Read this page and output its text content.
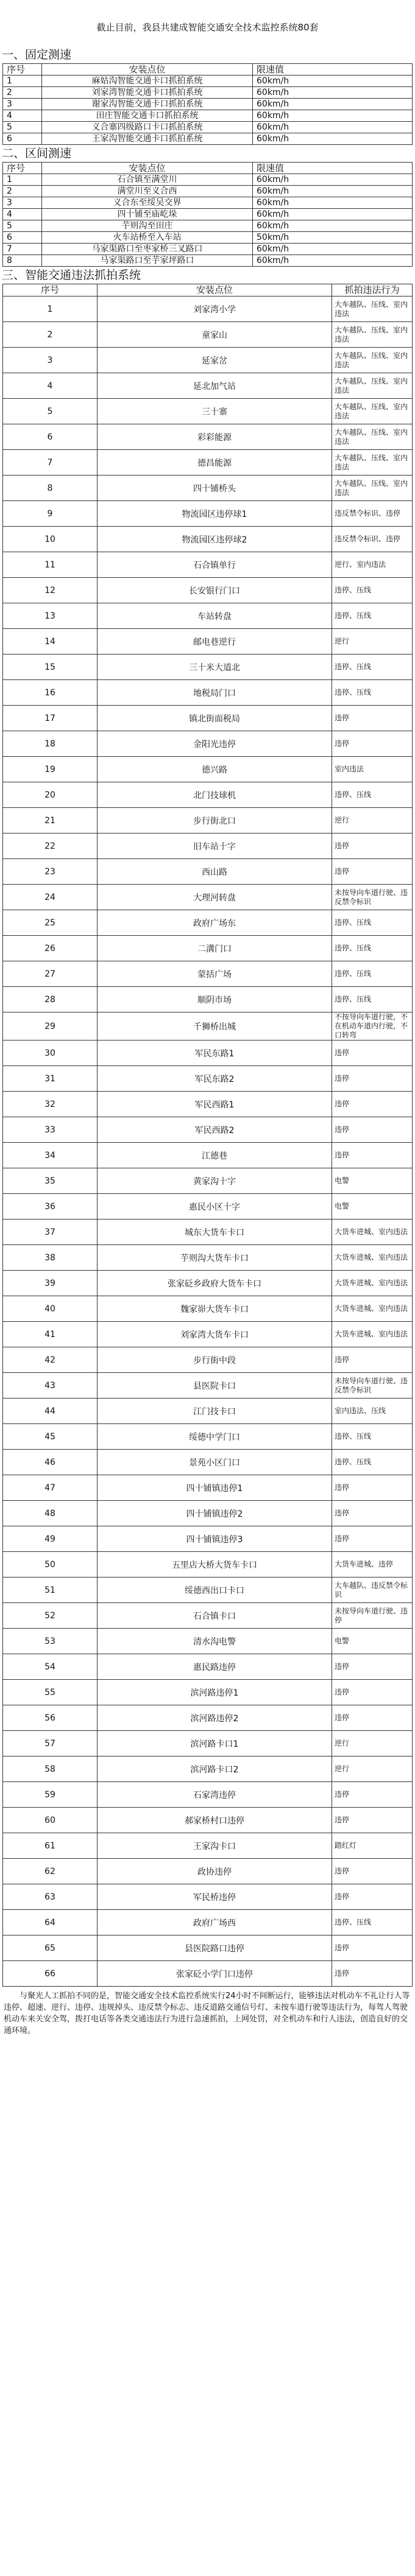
截止目前，我县共建成智能交通安全技术监控系统80套
一、固定测速
序号	安装点位	限速值
1	麻姑沟智能交通卡口抓拍系统	60km/h
2	刘家湾智能交通卡口抓拍系统	60km/h
3	谢家沟智能交通卡口抓拍系统	60km/h
4	田庄智能交通卡口抓拍系统	60km/h
5	义合寨四级路口卡口抓拍系统	60km/h
6	王家沟智能交通卡口抓拍系统	60km/h
二、区间测速
序号	安装点位	限速值
1	石合镇至满堂川	60km/h
2	满堂川至义合西	60km/h
3	义合东至绥吴交界	60km/h
4	四十铺至庙屹垛	60km/h
5	芋则沟至田庄	60km/h
6	火车站桥至入车站	50km/h
7	马家渠路口至枣家桥三叉路口	60km/h
8	马家渠路口至芋家坪路口	60km/h
三、智能交通违法抓拍系统
序号	安装点位	抓拍违法行为
1	刘家湾小学	大车越队、压线、室内违法
2	童家山	大车越队、压线、室内违法
3	延家岔	大车越队、压线、室内违法
4	延北加气站	大车越队、压线、室内违法
5	三十寨	大车越队、压线、室内违法
6	彩彩能源	大车越队、压线、室内违法
7	德昌能源	大车越队、压线、室内违法
8	四十铺桥头	大车越队、压线、室内违法
9	物流园区违停球1	违反禁令标识、违停
10	物流园区违停球2	违反禁令标识、违停
11	石合镇单行	逆行、室内违法
12	长安银行门口	违停、压线
13	车站转盘	违停、压线
14	邮电巷逆行	逆行
15	三十米大道北	违停、压线
16	地税局门口	违停、压线
17	镇北街面税局	违停
18	金阳光违停	违停
19	德兴路	室内违法
20	北门技球机	违停、压线
21	步行街北口	逆行
22	旧车站十字	违停
23	西山路	违停
24	大理河转盘	未按导向车道行驶、违反禁令标识
25	政府广场东	违停、压线
26	二溝门口	违停、压线
27	蒙括广场	违停、压线
28	顺阴市场	违停、压线
29	千狮桥出城	不按导向车道行驶，不在机动车道内行驶，不口转弯
30	军民东路1	违停
31	军民东路2	违停
32	军民西路1	违停
33	军民西路2	违停
34	江德巷	违停
35	黄家沟十字	电警
36	惠民小区十字	电警
37	城东大货车卡口	大货车进城、室内违法
38	芋则沟大货车卡口	大货车进城、室内违法
39	张家砭乡政府大货车卡口	大货车进城、室内违法
40	魏家峁大货车卡口	大货车进城、室内违法
41	刘家湾大货车卡口	大货车进城、室内违法
42	步行街中段	违停
43	县医院卡口	未按导向车道行驶、违反禁令标识
44	江门技卡口	室内违法、压线
45	绥德中学门口	违停、压线
46	景苑小区门口	违停、压线
47	四十铺镇违停1	违停
48	四十铺镇违停2	违停
49	四十铺镇违停3	违停
50	五里店大桥大货车卡口	大货车进城、违停
51	绥德西出口卡口	大车越队、违反禁令标识
52	石合镇卡口	未按导向车道行驶、违停
53	清水沟电警	电警
54	惠民路违停	违停
55	滨河路违停1	违停
56	滨河路违停2	违停
57	滨河路卡口1	逆行
58	滨河路卡口2	逆行
59	石家湾违停	违停
60	郝家桥村口违停	违停
61	王家沟卡口	踏红灯
62	政协违停	违停
63	军民桥违停	违停
64	政府广场西	违停、压线
65	县医院路口违停	违停
66	张家砭小学门口违停	违停
与聚光人工抓拍不同的是，智能交通安全技术监控系统实行24小时不间断运行，能够违法对机动车不礼让行人等违停、超速、逆行、违停、违规掉头、违反禁令标志、违反道路交通信号灯、未按车道行驶等违法行为，每驾人驾驶机动车来关安全驾，拨打电话等各类交通违法行为进行急速抓拍，上网处罚，对全机动车和行人违法，创造良好的交通环境。
